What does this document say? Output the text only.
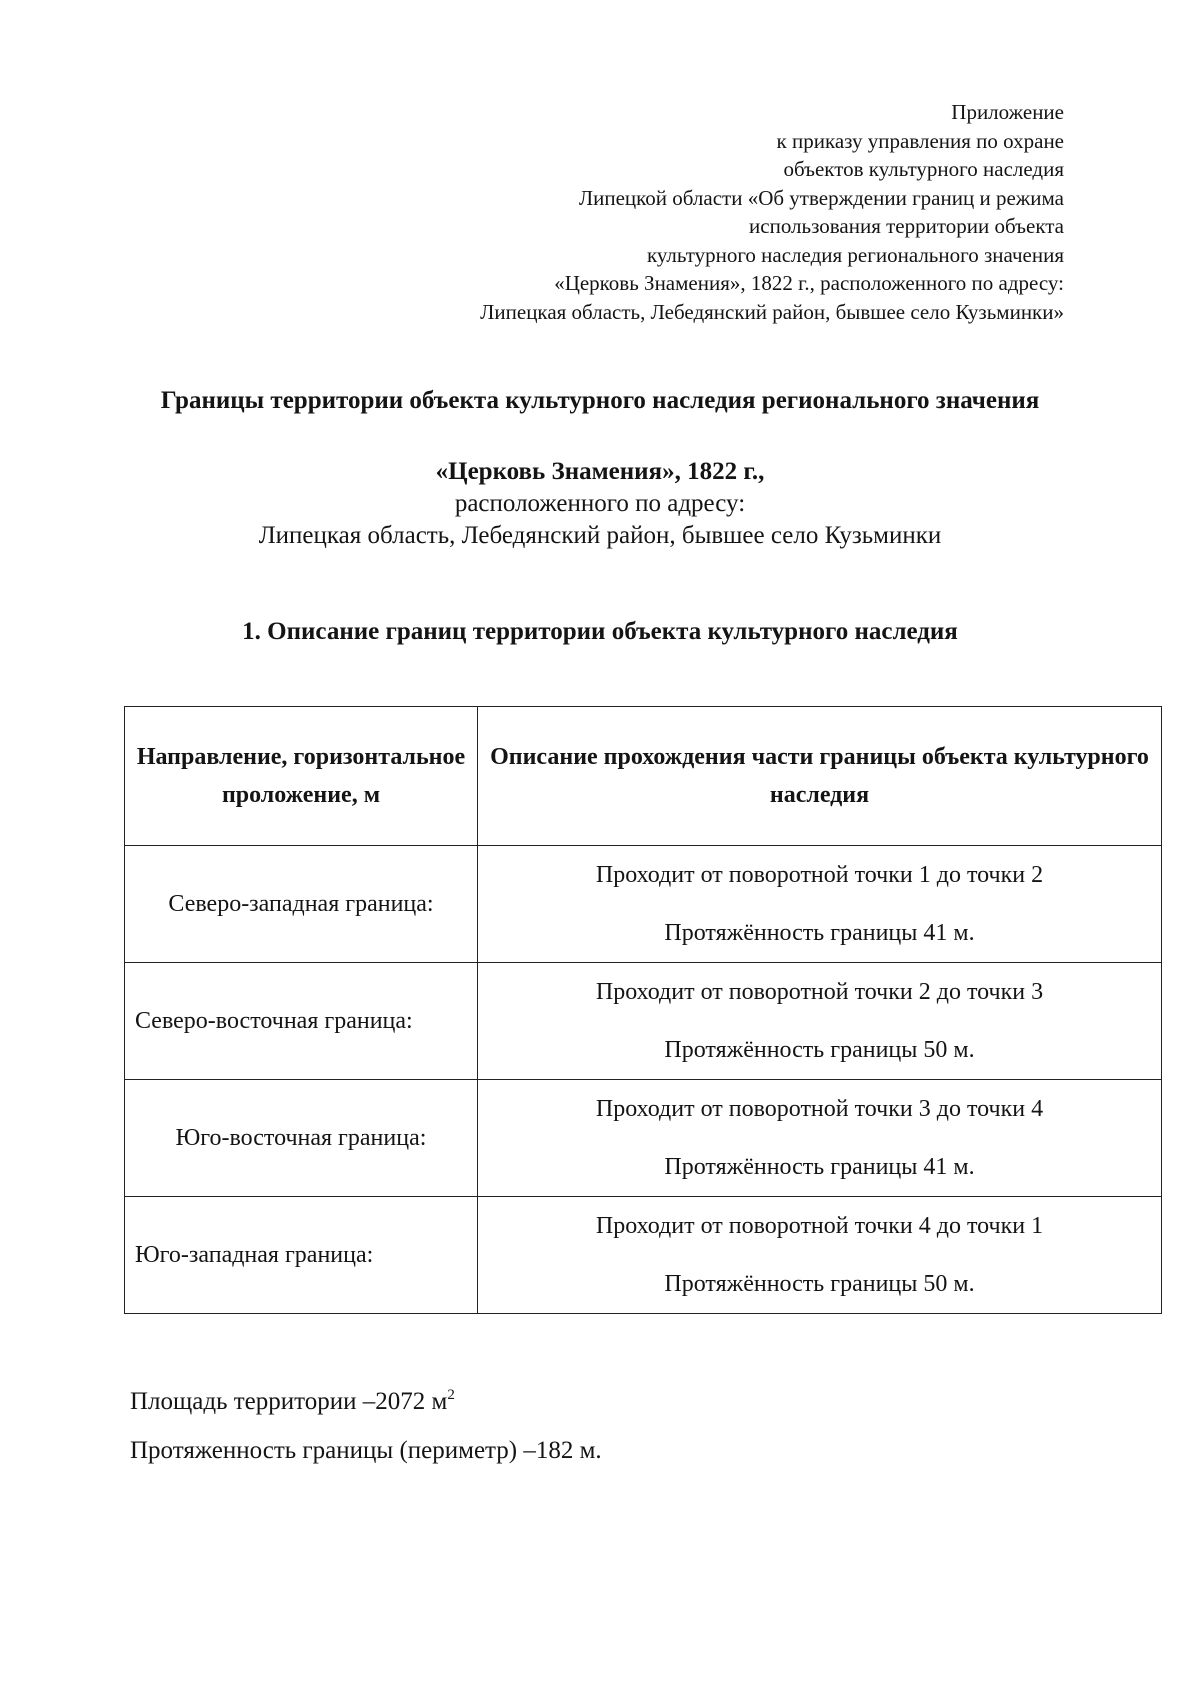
Приложение
к приказу управления по охране
объектов культурного наследия
Липецкой области «Об утверждении границ и режима
использования территории объекта
культурного наследия регионального значения
«Церковь Знамения», 1822 г., расположенного по адресу:
Липецкая область, Лебедянский район, бывшее село Кузьминки»
Границы территории объекта культурного наследия регионального значения
«Церковь Знамения», 1822 г.,
расположенного по адресу:
Липецкая область, Лебедянский район, бывшее село Кузьминки
1. Описание границ территории объекта культурного наследия
Направление, горизонтальное проложение, м	Описание прохождения части границы объекта культурного наследия
Северо-западная граница:	Проходит от поворотной точки 1 до точки 2
Протяжённость границы 41 м.

Северо-восточная граница:	Проходит от поворотной точки 2 до точки 3
Протяжённость границы 50 м.

Юго-восточная граница:	Проходит от поворотной точки 3 до точки 4
Протяжённость границы 41 м.

Юго-западная граница:	Проходит от поворотной точки 4 до точки 1
Протяжённость границы 50 м.
Площадь территории –2072 $м^2$
Протяженность границы (периметр) –182 м.
